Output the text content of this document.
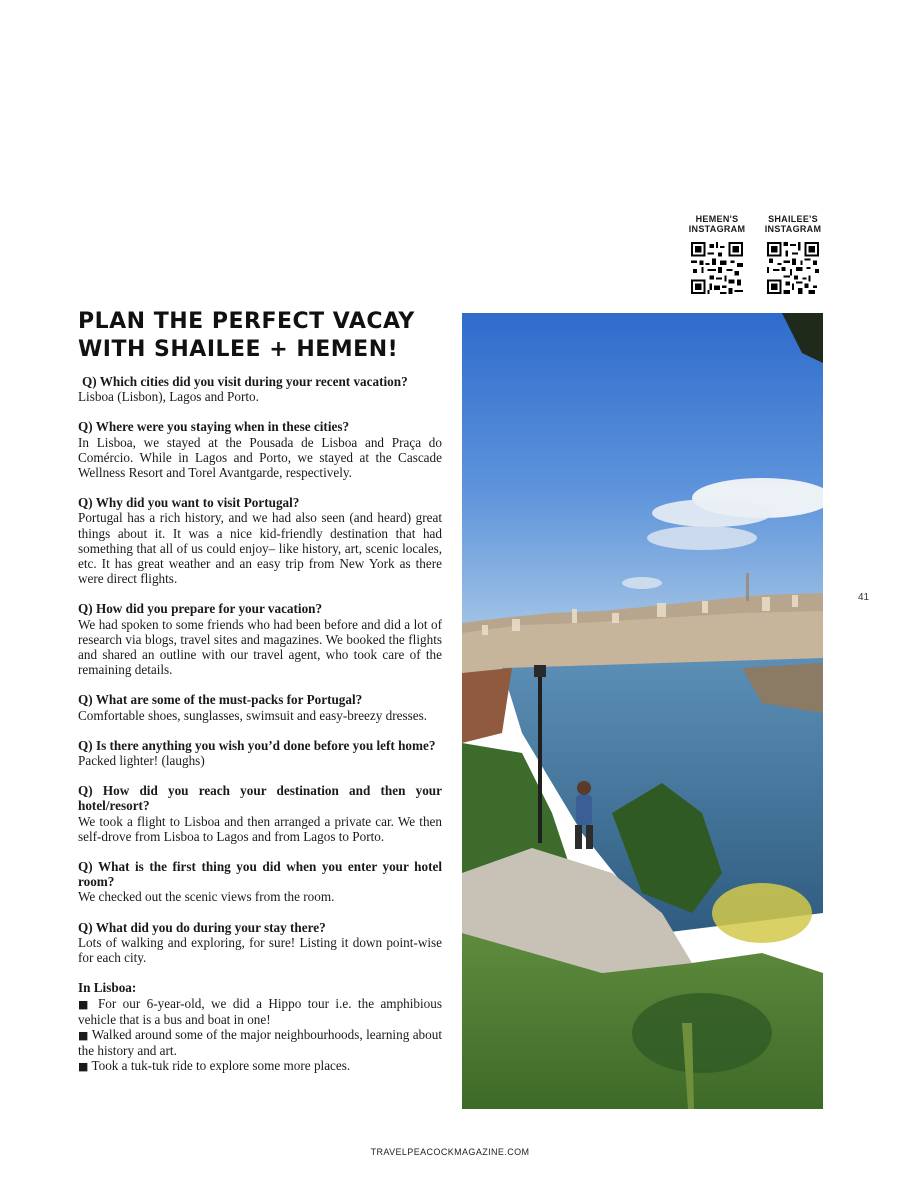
HEMEN'S
INSTAGRAM
SHAILEE'S
INSTAGRAM
PLAN THE PERFECT VACAY
WITH SHAILEE + HEMEN!
Q) Which cities did you visit during your recent vacation?
Lisboa (Lisbon), Lagos and Porto.
Q) Where were you staying when in these cities?
In Lisboa, we stayed at the Pousada de Lisboa and Praça do Comércio. While in Lagos and Porto, we stayed at the Cascade Wellness Resort and Torel Avantgarde, respectively.
Q) Why did you want to visit Portugal?
Portugal has a rich history, and we had also seen (and heard) great things about it. It was a nice kid-friendly destination that had something that all of us could enjoy– like history, art, scenic locales, etc. It has great weather and an easy trip from New York as there were direct flights.
Q) How did you prepare for your vacation?
We had spoken to some friends who had been before and did a lot of research via blogs, travel sites and magazines. We booked the flights and shared an outline with our travel agent, who took care of the remaining details.
Q) What are some of the must-packs for Portugal?
Comfortable shoes, sunglasses, swimsuit and easy-breezy dresses.
Q) Is there anything you wish you’d done before you left home?
Packed lighter! (laughs)
Q) How did you reach your destination and then your hotel/resort?
We took a flight to Lisboa and then arranged a private car. We then self-drove from Lisboa to Lagos and from Lagos to Porto.
Q) What is the first thing you did when you enter your hotel room?
We checked out the scenic views from the room.
Q) What did you do during your stay there?
Lots of walking and exploring, for sure! Listing it down point-wise for each city.
In Lisboa:
■ For our 6-year-old, we did a Hippo tour i.e. the amphibious vehicle that is a bus and boat in one!
■ Walked around some of the major neighbourhoods, learning about the history and art.
■ Took a tuk-tuk ride to explore some more places.
41
TRAVELPEACOCKMAGAZINE.COM
